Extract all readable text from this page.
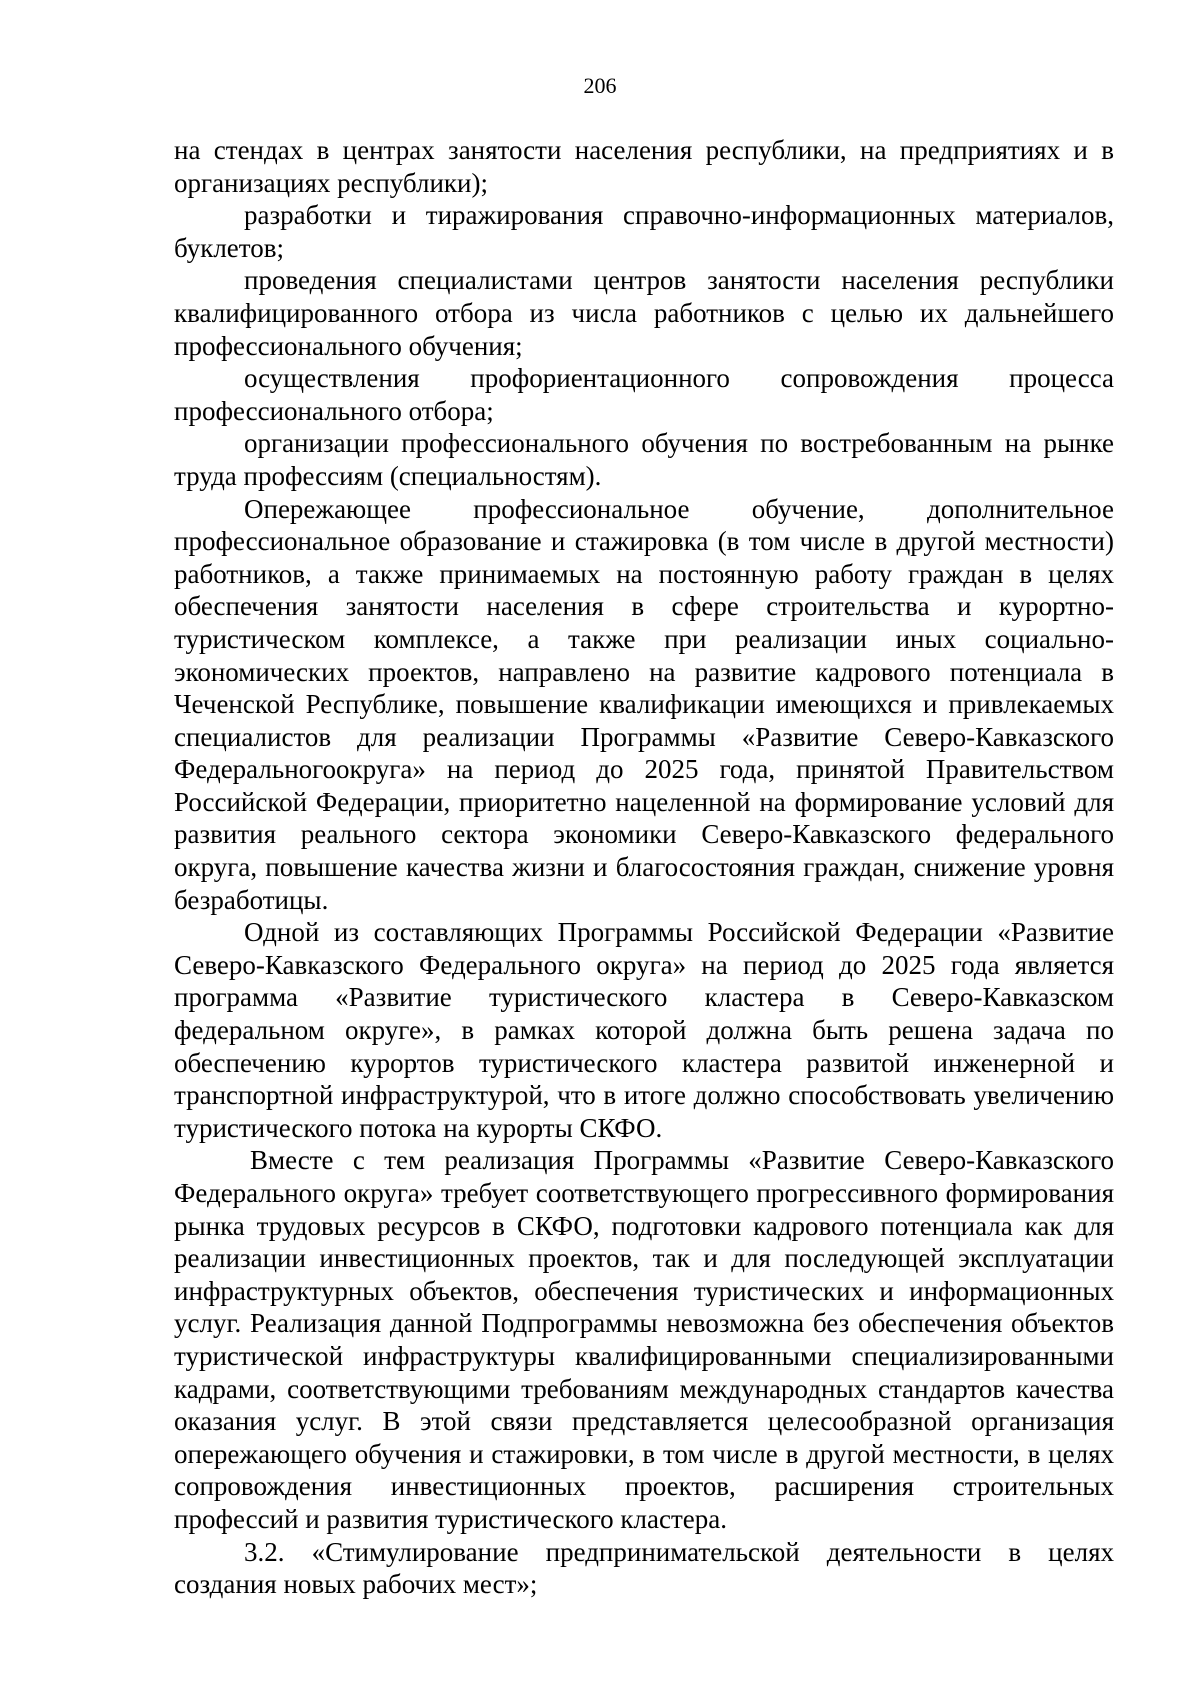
206

на стендах в центрах занятости населения республики, на предприятиях и в организациях республики);

разработки и тиражирования справочно-информационных материалов, буклетов;

проведения специалистами центров занятости населения республики квалифицированного отбора из числа работников с целью их дальнейшего профессионального обучения;

осуществления профориентационного сопровождения процесса профессионального отбора;

организации профессионального обучения по востребованным на рынке труда профессиям (специальностям).

Опережающее профессиональное обучение, дополнительное профессиональное образование и стажировка (в том числе в другой местности) работников, а также принимаемых на постоянную работу граждан в целях обеспечения занятости населения в сфере строительства и курортно-туристическом комплексе, а также при реализации иных социально-экономических проектов, направлено на развитие кадрового потенциала в Чеченской Республике, повышение квалификации имеющихся и привлекаемых специалистов для реализации Программы «Развитие Северо-Кавказского Федеральногоокруга» на период до 2025 года, принятой Правительством Российской Федерации, приоритетно нацеленной на формирование условий для развития реального сектора экономики Северо-Кавказского федерального округа, повышение качества жизни и благосостояния граждан, снижение уровня безработицы.

Одной из составляющих Программы Российской Федерации «Развитие Северо-Кавказского Федерального округа» на период до 2025 года является программа «Развитие туристического кластера в Северо-Кавказском федеральном округе», в рамках которой должна быть решена задача по обеспечению курортов туристического кластера развитой инженерной и транспортной инфраструктурой, что в итоге должно способствовать увеличению туристического потока на курорты СКФО.

Вместе с тем реализация Программы «Развитие Северо-Кавказского Федерального округа» требует соответствующего прогрессивного формирования рынка трудовых ресурсов в СКФО, подготовки кадрового потенциала как для реализации инвестиционных проектов, так и для последующей эксплуатации инфраструктурных объектов, обеспечения туристических и информационных услуг. Реализация данной Подпрограммы невозможна без обеспечения объектов туристической инфраструктуры квалифицированными специализированными кадрами, соответствующими требованиям международных стандартов качества оказания услуг. В этой связи представляется целесообразной организация опережающего обучения и стажировки, в том числе в другой местности, в целях сопровождения инвестиционных проектов, расширения строительных профессий и развития туристического кластера.

3.2. «Стимулирование предпринимательской деятельности в целях создания новых рабочих мест»;
